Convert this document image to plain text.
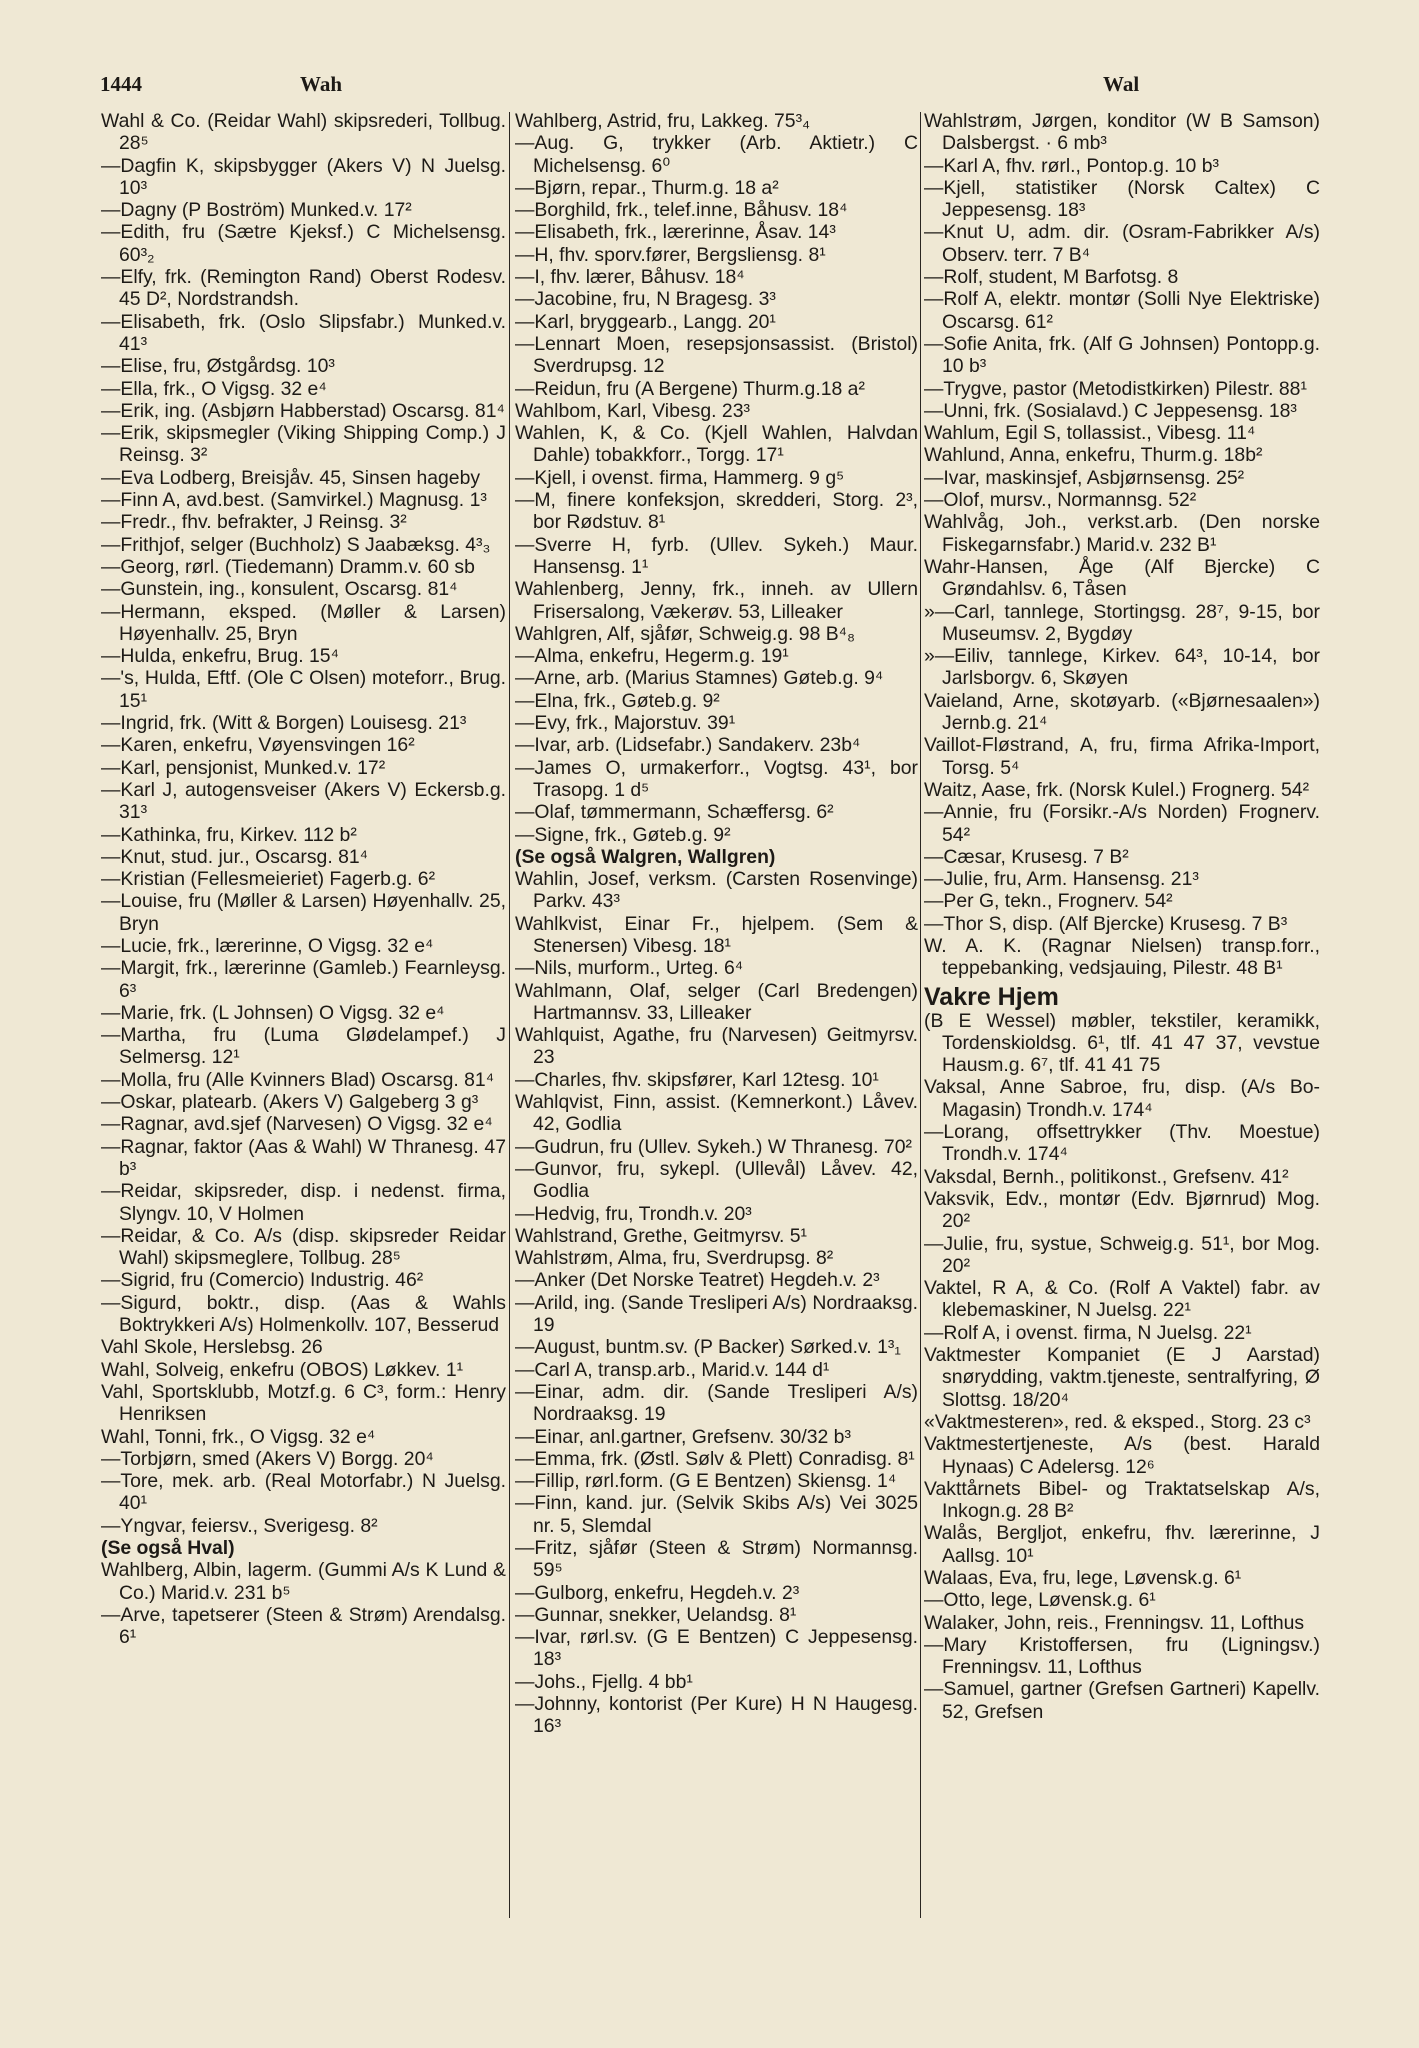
1444	Wah	Wal
Wahl & Co. (Reidar Wahl) skipsrederi, Tollbug. 28⁵
—Dagfin K, skipsbygger (Akers V) N Juelsg. 10³
—Dagny (P Boström) Munked.v. 17²
—Edith, fru (Sætre Kjeksf.) C Michelsensg. 60³₂
—Elfy, frk. (Remington Rand) Oberst Rodesv. 45 D², Nordstrandsh.
—Elisabeth, frk. (Oslo Slipsfabr.) Munked.v. 41³
—Elise, fru, Østgårdsg. 10³
—Ella, frk., O Vigsg. 32 e⁴
—Erik, ing. (Asbjørn Habberstad) Oscarsg. 81⁴
—Erik, skipsmegler (Viking Shipping Comp.) J Reinsg. 3²
—Eva Lodberg, Breisjåv. 45, Sinsen hageby
—Finn A, avd.best. (Samvirkel.) Magnusg. 1³
—Fredr., fhv. befrakter, J Reinsg. 3²
—Frithjof, selger (Buchholz) S Jaabæksg. 4³₃
—Georg, rørl. (Tiedemann) Dramm.v. 60 sb
—Gunstein, ing., konsulent, Oscarsg. 81⁴
—Hermann, eksped. (Møller & Larsen) Høyenhallv. 25, Bryn
—Hulda, enkefru, Brug. 15⁴
—'s, Hulda, Eftf. (Ole C Olsen) moteforr., Brug. 15¹
—Ingrid, frk. (Witt & Borgen) Louisesg. 21³
—Karen, enkefru, Vøyensvingen 16²
—Karl, pensjonist, Munked.v. 17²
—Karl J, autogensveiser (Akers V) Eckersb.g. 31³
—Kathinka, fru, Kirkev. 112 b²
—Knut, stud. jur., Oscarsg. 81⁴
—Kristian (Fellesmeieriet) Fagerb.g. 6²
—Louise, fru (Møller & Larsen) Høyenhallv. 25, Bryn
—Lucie, frk., lærerinne, O Vigsg. 32 e⁴
—Margit, frk., lærerinne (Gamleb.) Fearnleysg. 6³
—Marie, frk. (L Johnsen) O Vigsg. 32 e⁴
—Martha, fru (Luma Glødelampef.) J Selmersg. 12¹
—Molla, fru (Alle Kvinners Blad) Oscarsg. 81⁴
—Oskar, platearb. (Akers V) Galgeberg 3 g³
—Ragnar, avd.sjef (Narvesen) O Vigsg. 32 e⁴
—Ragnar, faktor (Aas & Wahl) W Thranesg. 47 b³
—Reidar, skipsreder, disp. i nedenst. firma, Slyngv. 10, V Holmen
—Reidar, & Co. A/s (disp. skipsreder Reidar Wahl) skipsmeglere, Tollbug. 28⁵
—Sigrid, fru (Comercio) Industrig. 46²
—Sigurd, boktr., disp. (Aas & Wahls Boktrykkeri A/s) Holmenkollv. 107, Besserud
Vahl Skole, Herslebsg. 26
Wahl, Solveig, enkefru (OBOS) Løkkev. 1¹
Vahl, Sportsklubb, Motzf.g. 6 C³, form.: Henry Henriksen
Wahl, Tonni, frk., O Vigsg. 32 e⁴
—Torbjørn, smed (Akers V) Borgg. 20⁴
—Tore, mek. arb. (Real Motorfabr.) N Juelsg. 40¹
—Yngvar, feiersv., Sverigesg. 8²
(Se også Hval)
Wahlberg, Albin, lagerm. (Gummi A/s K Lund & Co.) Marid.v. 231 b⁵
—Arve, tapetserer (Steen & Strøm) Arendalsg. 6¹
Wahlberg, Astrid, fru, Lakkeg. 75³₄
—Aug. G, trykker (Arb. Aktietr.) C Michelsensg. 6⁰
—Bjørn, repar., Thurm.g. 18 a²
—Borghild, frk., telef.inne, Båhusv. 18⁴
—Elisabeth, frk., lærerinne, Åsav. 14³
—H, fhv. sporv.fører, Bergsliensg. 8¹
—I, fhv. lærer, Båhusv. 18⁴
—Jacobine, fru, N Bragesg. 3³
—Karl, bryggearb., Langg. 20¹
—Lennart Moen, resepsjonsassist. (Bristol) Sverdrupsg. 12
—Reidun, fru (A Bergene) Thurm.g.18 a²
Wahlbom, Karl, Vibesg. 23³
Wahlen, K, & Co. (Kjell Wahlen, Halvdan Dahle) tobakkforr., Torgg. 17¹
—Kjell, i ovenst. firma, Hammerg. 9 g⁵
—M, finere konfeksjon, skredderi, Storg. 2³, bor Rødstuv. 8¹
—Sverre H, fyrb. (Ullev. Sykeh.) Maur. Hansensg. 1¹
Wahlenberg, Jenny, frk., inneh. av Ullern Frisersalong, Vækerøv. 53, Lilleaker
Wahlgren, Alf, sjåfør, Schweig.g. 98 B⁴₈
—Alma, enkefru, Hegerm.g. 19¹
—Arne, arb. (Marius Stamnes) Gøteb.g. 9⁴
—Elna, frk., Gøteb.g. 9²
—Evy, frk., Majorstuv. 39¹
—Ivar, arb. (Lidsefabr.) Sandakerv. 23b⁴
—James O, urmakerforr., Vogtsg. 43¹, bor Trasopg. 1 d⁵
—Olaf, tømmermann, Schæffersg. 6²
—Signe, frk., Gøteb.g. 9²
(Se også Walgren, Wallgren)
Wahlin, Josef, verksm. (Carsten Rosenvinge) Parkv. 43³
Wahlkvist, Einar Fr., hjelpem. (Sem & Stenersen) Vibesg. 18¹
—Nils, murform., Urteg. 6⁴
Wahlmann, Olaf, selger (Carl Bredengen) Hartmannsv. 33, Lilleaker
Wahlquist, Agathe, fru (Narvesen) Geitmyrsv. 23
—Charles, fhv. skipsfører, Karl 12tesg. 10¹
Wahlqvist, Finn, assist. (Kemnerkont.) Låvev. 42, Godlia
—Gudrun, fru (Ullev. Sykeh.) W Thranesg. 70²
—Gunvor, fru, sykepl. (Ullevål) Låvev. 42, Godlia
—Hedvig, fru, Trondh.v. 20³
Wahlstrand, Grethe, Geitmyrsv. 5¹
Wahlstrøm, Alma, fru, Sverdrupsg. 8²
—Anker (Det Norske Teatret) Hegdeh.v. 2³
—Arild, ing. (Sande Tresliperi A/s) Nordraaksg. 19
—August, buntm.sv. (P Backer) Sørked.v. 1³₁
—Carl A, transp.arb., Marid.v. 144 d¹
—Einar, adm. dir. (Sande Tresliperi A/s) Nordraaksg. 19
—Einar, anl.gartner, Grefsenv. 30/32 b³
—Emma, frk. (Østl. Sølv & Plett) Conradisg. 8¹
—Fillip, rørl.form. (G E Bentzen) Skiensg. 1⁴
—Finn, kand. jur. (Selvik Skibs A/s) Vei 3025 nr. 5, Slemdal
—Fritz, sjåfør (Steen & Strøm) Normannsg. 59⁵
—Gulborg, enkefru, Hegdeh.v. 2³
—Gunnar, snekker, Uelandsg. 8¹
—Ivar, rørl.sv. (G E Bentzen) C Jeppesensg. 18³
—Johs., Fjellg. 4 bb¹
—Johnny, kontorist (Per Kure) H N Haugesg. 16³
Wahlstrøm, Jørgen, konditor (W B Samson) Dalsbergst. · 6 mb³
—Karl A, fhv. rørl., Pontop.g. 10 b³
—Kjell, statistiker (Norsk Caltex) C Jeppesensg. 18³
—Knut U, adm. dir. (Osram-Fabrikker A/s) Observ. terr. 7 B⁴
—Rolf, student, M Barfotsg. 8
—Rolf A, elektr. montør (Solli Nye Elektriske) Oscarsg. 61²
—Sofie Anita, frk. (Alf G Johnsen) Pontopp.g. 10 b³
—Trygve, pastor (Metodistkirken) Pilestr. 88¹
—Unni, frk. (Sosialavd.) C Jeppesensg. 18³
Wahlum, Egil S, tollassist., Vibesg. 11⁴
Wahlund, Anna, enkefru, Thurm.g. 18b²
—Ivar, maskinsjef, Asbjørnsensg. 25²
—Olof, mursv., Normannsg. 52²
Wahlvåg, Joh., verkst.arb. (Den norske Fiskegarnsfabr.) Marid.v. 232 B¹
Wahr-Hansen, Åge (Alf Bjercke) C Grøndahlsv. 6, Tåsen
»—Carl, tannlege, Stortingsg. 28⁷, 9-15, bor Museumsv. 2, Bygdøy
»—Eiliv, tannlege, Kirkev. 64³, 10-14, bor Jarlsborgv. 6, Skøyen
Vaieland, Arne, skotøyarb. («Bjørnesaalen») Jernb.g. 21⁴
Vaillot-Fløstrand, A, fru, firma Afrika-Import, Torsg. 5⁴
Waitz, Aase, frk. (Norsk Kulel.) Frognerg. 54²
—Annie, fru (Forsikr.-A/s Norden) Frognerv. 54²
—Cæsar, Krusesg. 7 B²
—Julie, fru, Arm. Hansensg. 21³
—Per G, tekn., Frognerv. 54²
—Thor S, disp. (Alf Bjercke) Krusesg. 7 B³
W. A. K. (Ragnar Nielsen) transp.forr., teppebanking, vedsjauing, Pilestr. 48 B¹
Vakre Hjem
(B E Wessel) møbler, tekstiler, keramikk, Tordenskioldsg. 6¹, tlf. 41 47 37, vevstue Hausm.g. 6⁷, tlf. 41 41 75
Vaksal, Anne Sabroe, fru, disp. (A/s Bo-Magasin) Trondh.v. 174⁴
—Lorang, offsettrykker (Thv. Moestue) Trondh.v. 174⁴
Vaksdal, Bernh., politikonst., Grefsenv. 41²
Vaksvik, Edv., montør (Edv. Bjørnrud) Mog. 20²
—Julie, fru, systue, Schweig.g. 51¹, bor Mog. 20²
Vaktel, R A, & Co. (Rolf A Vaktel) fabr. av klebemaskiner, N Juelsg. 22¹
—Rolf A, i ovenst. firma, N Juelsg. 22¹
Vaktmester Kompaniet (E J Aarstad) snørydding, vaktm.tjeneste, sentralfyring, Ø Slottsg. 18/20⁴
«Vaktmesteren», red. & eksped., Storg. 23 c³
Vaktmestertjeneste, A/s (best. Harald Hynaas) C Adelersg. 12⁶
Vakttårnets Bibel- og Traktatselskap A/s, Inkogn.g. 28 B²
Walås, Bergljot, enkefru, fhv. lærerinne, J Aallsg. 10¹
Walaas, Eva, fru, lege, Løvensk.g. 6¹
—Otto, lege, Løvensk.g. 6¹
Walaker, John, reis., Frenningsv. 11, Lofthus
—Mary Kristoffersen, fru (Ligningsv.) Frenningsv. 11, Lofthus
—Samuel, gartner (Grefsen Gartneri) Kapellv. 52, Grefsen
